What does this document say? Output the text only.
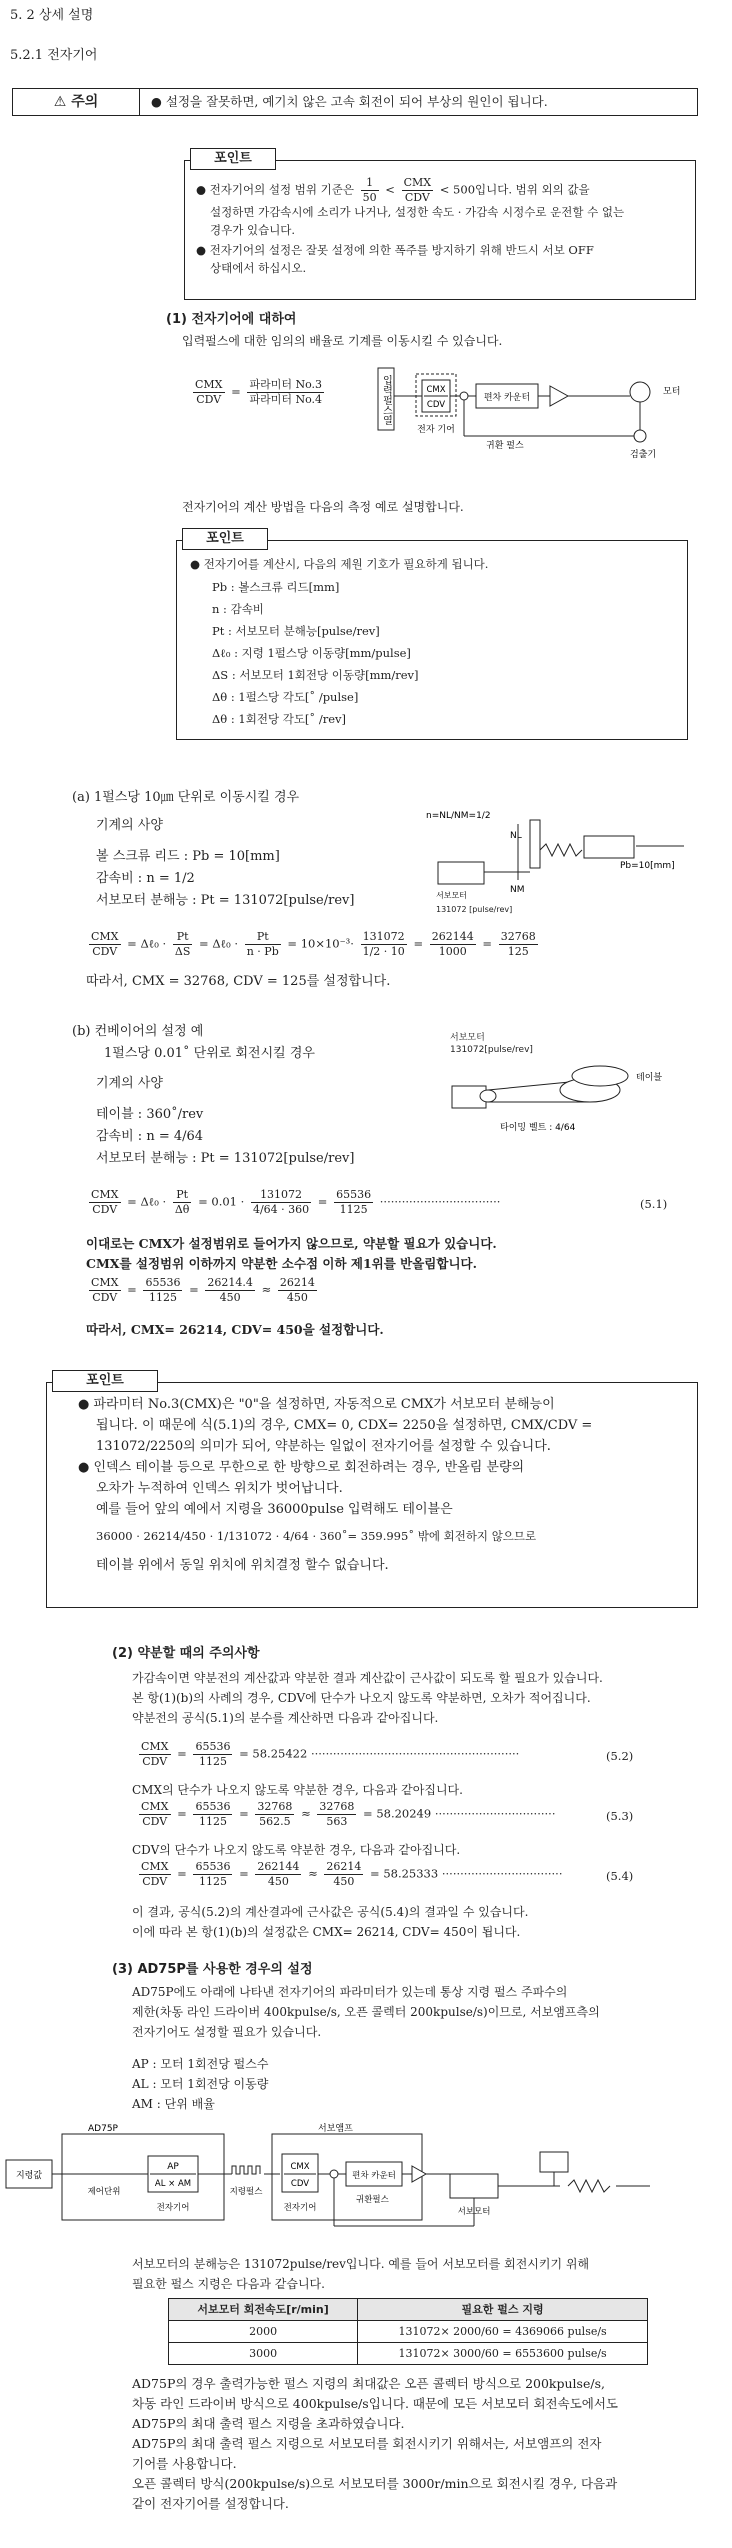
5. 2 상세 설명
5.2.1 전자기어
⚠ 주의	● 설정을 잘못하면, 예기치 않은 고속 회전이 되어 부상의 원인이 됩니다.
포인트
● 전자기어의 설정 범위 기준은 $\frac{1}{50} < \frac{\text{CMX}}{\text{CDV}} < 500$입니다. 범위 외의 값을
설정하면 가감속시에 소리가 나거나, 설정한 속도 · 가감속 시정수로 운전할 수 없는
경우가 있습니다.
● 전자기어의 설정은 잘못 설정에 의한 폭주를 방지하기 위해 반드시 서보 OFF
상태에서 하십시오.
(1) 전자기어에 대하여
입력펄스에 대한 임의의 배율로 기계를 이동시킬 수 있습니다.
$\frac{\text{CMX}}{\text{CDV}} = \frac{\text{파라미터 No.3}}{\text{파라미터 No.4}}$	입력펄스열	CMX
CDV
편차 카운터
모터
검출기
귀환 펄스
전자 기어
전자기어의 계산 방법을 다음의 측정 예로 설명합니다.
포인트
● 전자기어를 계산시, 다음의 제원 기호가 필요하게 됩니다.
Pb : 볼스크류 리드[mm]
n : 감속비
Pt : 서보모터 분해능[pulse/rev]
Δℓ₀ : 지령 1펄스당 이동량[mm/pulse]
ΔS : 서보모터 1회전당 이동량[mm/rev]
Δθ : 1펄스당 각도[˚ /pulse]
Δθ : 1회전당 각도[˚ /rev]
(a) 1펄스당 10㎛ 단위로 이동시킬 경우
기계의 사양
볼 스크류 리드 : Pb = 10[mm]
감속비 : n = 1/2
서보모터 분해능 : Pt = 131072[pulse/rev]
n=NL/NM=1/2
NL
Pb=10[mm]
NM
서보모터
131072 [pulse/rev]
$\frac{\text{CMX}}{\text{CDV}}$ = Δℓ₀ · $\frac{Pt}{\Delta S}$ = Δℓ₀ · $\frac{Pt}{n \cdot Pb} = 10\times 10^{-3}\cdot \frac{131072}{1/2 \cdot 10} = \frac{262144}{1000} = \frac{32768}{125}$
따라서, CMX = 32768, CDV = 125를 설정합니다.
(b) 컨베이어의 설정 예
1펄스당 0.01˚ 단위로 회전시킬 경우
기계의 사양
테이블 : 360˚/rev
감속비 : n = 4/64
서보모터 분해능 : Pt = 131072[pulse/rev]
서보모터
131072[pulse/rev]
테이블
타이밍 벨트 : 4/64
$\frac{\text{CMX}}{\text{CDV}}$ = Δℓ₀ · $\frac{Pt}{\Delta\theta} = 0.01 \cdot \frac{131072}{4/64 \cdot 360} = \frac{65536}{1125}$ ·································	(5.1)
이대로는 CMX가 설정범위로 들어가지 않으므로, 약분할 필요가 있습니다.
CMX를 설정범위 이하까지 약분한 소수점 이하 제1위를 반올림합니다.
$\frac{\text{CMX}}{\text{CDV}} = \frac{65536}{1125} = \frac{26214.4}{450} \approx \frac{26214}{450}$
따라서, CMX= 26214, CDV= 450을 설정합니다.
포인트
● 파라미터 No.3(CMX)은 "0"을 설정하면, 자동적으로 CMX가 서보모터 분해능이
됩니다. 이 때문에 식(5.1)의 경우, CMX= 0, CDX= 2250을 설정하면, CMX/CDV =
131072/2250의 의미가 되어, 약분하는 일없이 전자기어를 설정할 수 있습니다.
● 인덱스 테이블 등으로 무한으로 한 방향으로 회전하려는 경우, 반올림 분량의
오차가 누적하여 인덱스 위치가 벗어납니다.
예를 들어 앞의 예에서 지령을 36000pulse 입력해도 테이블은
36000 · 26214/450 · 1/131072 · 4/64 · 360˚= 359.995˚ 밖에 회전하지 않으므로
테이블 위에서 동일 위치에 위치결정 할수 없습니다.
(2) 약분할 때의 주의사항
가감속이면 약분전의 계산값과 약분한 결과 계산값이 근사값이 되도록 할 필요가 있습니다.
본 항(1)(b)의 사례의 경우, CDV에 단수가 나오지 않도록 약분하면, 오차가 적어집니다.
약분전의 공식(5.1)의 분수를 계산하면 다음과 같아집니다.
$\frac{\text{CMX}}{\text{CDV}} = \frac{65536}{1125} = 58.25422$ ·························································	(5.2)
CMX의 단수가 나오지 않도록 약분한 경우, 다음과 같아집니다.
$\frac{\text{CMX}}{\text{CDV}} = \frac{65536}{1125} = \frac{32768}{562.5} \approx \frac{32768}{563} = 58.20249$ ·································	(5.3)
CDV의 단수가 나오지 않도록 약분한 경우, 다음과 같아집니다.
$\frac{\text{CMX}}{\text{CDV}} = \frac{65536}{1125} = \frac{262144}{450} \approx \frac{26214}{450} = 58.25333$ ·································	(5.4)
이 결과, 공식(5.2)의 계산결과에 근사값은 공식(5.4)의 결과일 수 있습니다.
이에 따라 본 항(1)(b)의 설정값은 CMX= 26214, CDV= 450이 됩니다.
(3) AD75P를 사용한 경우의 설정
AD75P에도 아래에 나타낸 전자기어의 파라미터가 있는데 통상 지령 펄스 주파수의
제한(차동 라인 드라이버 400kpulse/s, 오픈 콜렉터 200kpulse/s)이므로, 서보앰프측의
전자기어도 설정할 필요가 있습니다.
AP : 모터 1회전당 펄스수
AL : 모터 1회전당 이동량
AM : 단위 배율
AD75P
지령값
제어단위
AP
AL × AM
전자기어
지령펄스
서보앰프
CMX
CDV
전자기어
편차 카운터
서보모터
귀환펄스
서보모터의 분해능은 131072pulse/rev입니다. 예를 들어 서보모터를 회전시키기 위해
필요한 펄스 지령은 다음과 같습니다.
서보모터 회전속도[r/min]	필요한 펄스 지령
2000	131072× 2000/60 = 4369066 pulse/s
3000	131072× 3000/60 = 6553600 pulse/s
AD75P의 경우 출력가능한 펄스 지령의 최대값은 오픈 콜렉터 방식으로 200kpulse/s,
차동 라인 드라이버 방식으로 400kpulse/s입니다. 때문에 모든 서보모터 회전속도에서도
AD75P의 최대 출력 펄스 지령을 초과하였습니다.
AD75P의 최대 출력 펄스 지령으로 서보모터를 회전시키기 위해서는, 서보앰프의 전자
기어를 사용합니다.
오픈 콜렉터 방식(200kpulse/s)으로 서보모터를 3000r/min으로 회전시킬 경우, 다음과
같이 전자기어를 설정합니다.
